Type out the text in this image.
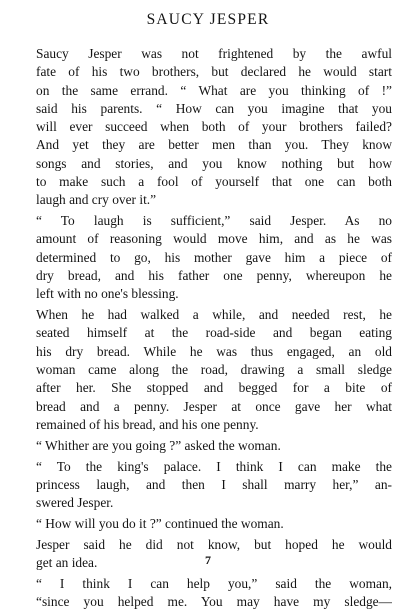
SAUCY JESPER
Saucy Jesper was not frightened by the awful
fate of his two brothers, but declared he would start
on the same errand. “ What are you thinking of !”
said his parents. “ How can you imagine that you
will ever succeed when both of your brothers failed?
And yet they are better men than you. They know
songs and stories, and you know nothing but how
to make such a fool of yourself that one can both
laugh and cry over it.”
“ To laugh is sufficient,” said Jesper. As no
amount of reasoning would move him, and as he was
determined to go, his mother gave him a piece of
dry bread, and his father one penny, whereupon he
left with no one's blessing.
When he had walked a while, and needed rest, he
seated himself at the road-side and began eating
his dry bread. While he was thus engaged, an old
woman came along the road, drawing a small sledge
after her. She stopped and begged for a bite of
bread and a penny. Jesper at once gave her what
remained of his bread, and his one penny.
“ Whither are you going ?” asked the woman.
“ To the king's palace. I think I can make the
princess laugh, and then I shall marry her,” an-
swered Jesper.
“ How will you do it ?” continued the woman.
Jesper said he did not know, but hoped he would
get an idea.
“ I think I can help you,” said the woman,
“since you helped me. You may have my sledge—
7
